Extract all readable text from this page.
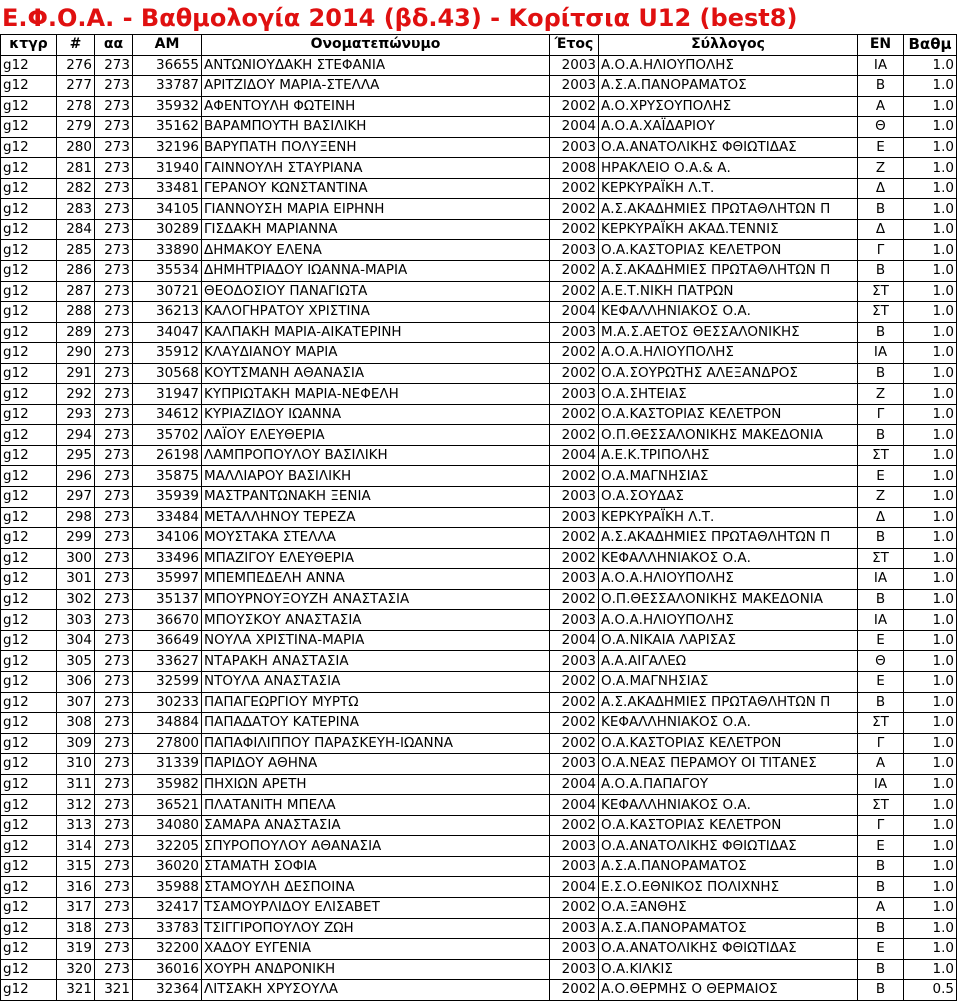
Ε.Φ.Ο.Α. - Βαθμολογία 2014 (βδ.43) - Κορίτσια U12 (best8)
κτγρ	#	αα	ΑΜ	Ονοματεπώνυμο	Έτος	Σύλλογος	ΕΝ	Βαθμ
g12	276	273	36655	ΑΝΤΩΝΙΟΥΔΑΚΗ ΣΤΕΦΑΝΙΑ	2003	Α.Ο.Α.ΗΛΙΟΥΠΟΛΗΣ	ΙΑ	1.0
g12	277	273	33787	ΑΡΙΤΖΙΔΟΥ ΜΑΡΙΑ-ΣΤΕΛΛΑ	2003	Α.Σ.Α.ΠΑΝΟΡΑΜΑΤΟΣ	Β	1.0
g12	278	273	35932	ΑΦΕΝΤΟΥΛΗ ΦΩΤΕΙΝΗ	2002	Α.Ο.ΧΡΥΣΟΥΠΟΛΗΣ	Α	1.0
g12	279	273	35162	ΒΑΡΑΜΠΟΥΤΗ ΒΑΣΙΛΙΚΗ	2004	Α.Ο.Α.ΧΑΪΔΑΡΙΟΥ	Θ	1.0
g12	280	273	32196	ΒΑΡΥΠΑΤΗ ΠΟΛΥΞΕΝΗ	2003	Ο.Α.ΑΝΑΤΟΛΙΚΗΣ ΦΘΙΩΤΙΔΑΣ	Ε	1.0
g12	281	273	31940	ΓΑΙΝΝΟΥΛΗ ΣΤΑΥΡΙΑΝΑ	2008	ΗΡΑΚΛΕΙΟ Ο.Α.& Α.	Ζ	1.0
g12	282	273	33481	ΓΕΡΑΝΟΥ ΚΩΝΣΤΑΝΤΙΝΑ	2002	ΚΕΡΚΥΡΑΪΚΗ Λ.Τ.	Δ	1.0
g12	283	273	34105	ΓΙΑΝΝΟΥΣΗ ΜΑΡΙΑ ΕΙΡΗΝΗ	2002	Α.Σ.ΑΚΑΔΗΜΙΕΣ ΠΡΩΤΑΘΛΗΤΩΝ Π	Β	1.0
g12	284	273	30289	ΓΙΣΔΑΚΗ ΜΑΡΙΑΝΝΑ	2002	ΚΕΡΚΥΡΑΪΚΗ ΑΚΑΔ.ΤΕΝΝΙΣ	Δ	1.0
g12	285	273	33890	ΔΗΜΑΚΟΥ ΕΛΕΝΑ	2003	Ο.Α.ΚΑΣΤΟΡΙΑΣ ΚΕΛΕΤΡΟΝ	Γ	1.0
g12	286	273	35534	ΔΗΜΗΤΡΙΑΔΟΥ ΙΩΑΝΝΑ-ΜΑΡΙΑ	2002	Α.Σ.ΑΚΑΔΗΜΙΕΣ ΠΡΩΤΑΘΛΗΤΩΝ Π	Β	1.0
g12	287	273	30721	ΘΕΟΔΟΣΙΟΥ ΠΑΝΑΓΙΩΤΑ	2002	Α.Ε.Τ.ΝΙΚΗ ΠΑΤΡΩΝ	ΣΤ	1.0
g12	288	273	36213	ΚΑΛΟΓΗΡΑΤΟΥ ΧΡΙΣΤΙΝΑ	2004	ΚΕΦΑΛΛΗΝΙΑΚΟΣ Ο.Α.	ΣΤ	1.0
g12	289	273	34047	ΚΑΛΠΑΚΗ ΜΑΡΙΑ-ΑΙΚΑΤΕΡΙΝΗ	2003	Μ.Α.Σ.ΑΕΤΟΣ ΘΕΣΣΑΛΟΝΙΚΗΣ	Β	1.0
g12	290	273	35912	ΚΛΑΥΔΙΑΝΟΥ ΜΑΡΙΑ	2002	Α.Ο.Α.ΗΛΙΟΥΠΟΛΗΣ	ΙΑ	1.0
g12	291	273	30568	ΚΟΥΤΣΜΑΝΗ ΑΘΑΝΑΣΙΑ	2002	Ο.Α.ΣΟΥΡΩΤΗΣ ΑΛΕΞΑΝΔΡΟΣ	Β	1.0
g12	292	273	31947	ΚΥΠΡΙΩΤΑΚΗ ΜΑΡΙΑ-ΝΕΦΕΛΗ	2003	Ο.Α.ΣΗΤΕΙΑΣ	Ζ	1.0
g12	293	273	34612	ΚΥΡΙΑΖΙΔΟΥ ΙΩΑΝΝΑ	2002	Ο.Α.ΚΑΣΤΟΡΙΑΣ ΚΕΛΕΤΡΟΝ	Γ	1.0
g12	294	273	35702	ΛΑΪΟΥ ΕΛΕΥΘΕΡΙΑ	2002	Ο.Π.ΘΕΣΣΑΛΟΝΙΚΗΣ ΜΑΚΕΔΟΝΙΑ	Β	1.0
g12	295	273	26198	ΛΑΜΠΡΟΠΟΥΛΟΥ ΒΑΣΙΛΙΚΗ	2004	Α.Ε.Κ.ΤΡΙΠΟΛΗΣ	ΣΤ	1.0
g12	296	273	35875	ΜΑΛΛΙΑΡΟΥ ΒΑΣΙΛΙΚΗ	2002	Ο.Α.ΜΑΓΝΗΣΙΑΣ	Ε	1.0
g12	297	273	35939	ΜΑΣΤΡΑΝΤΩΝΑΚΗ ΞΕΝΙΑ	2003	Ο.Α.ΣΟΥΔΑΣ	Ζ	1.0
g12	298	273	33484	ΜΕΤΑΛΛΗΝΟΥ ΤΕΡΕΖΑ	2003	ΚΕΡΚΥΡΑΪΚΗ Λ.Τ.	Δ	1.0
g12	299	273	34106	ΜΟΥΣΤΑΚΑ ΣΤΕΛΛΑ	2002	Α.Σ.ΑΚΑΔΗΜΙΕΣ ΠΡΩΤΑΘΛΗΤΩΝ Π	Β	1.0
g12	300	273	33496	ΜΠΑΖΙΓΟΥ ΕΛΕΥΘΕΡΙΑ	2002	ΚΕΦΑΛΛΗΝΙΑΚΟΣ Ο.Α.	ΣΤ	1.0
g12	301	273	35997	ΜΠΕΜΠΕΔΕΛΗ ΑΝΝΑ	2003	Α.Ο.Α.ΗΛΙΟΥΠΟΛΗΣ	ΙΑ	1.0
g12	302	273	35137	ΜΠΟΥΡΝΟΥΞΟΥΖΗ ΑΝΑΣΤΑΣΙΑ	2002	Ο.Π.ΘΕΣΣΑΛΟΝΙΚΗΣ ΜΑΚΕΔΟΝΙΑ	Β	1.0
g12	303	273	36670	ΜΠΟΥΣΚΟΥ ΑΝΑΣΤΑΣΙΑ	2003	Α.Ο.Α.ΗΛΙΟΥΠΟΛΗΣ	ΙΑ	1.0
g12	304	273	36649	ΝΟΥΛΑ ΧΡΙΣΤΙΝΑ-ΜΑΡΙΑ	2004	Ο.Α.ΝΙΚΑΙΑ ΛΑΡΙΣΑΣ	Ε	1.0
g12	305	273	33627	ΝΤΑΡΑΚΗ ΑΝΑΣΤΑΣΙΑ	2003	Α.Α.ΑΙΓΑΛΕΩ	Θ	1.0
g12	306	273	32599	ΝΤΟΥΛΑ ΑΝΑΣΤΑΣΙΑ	2002	Ο.Α.ΜΑΓΝΗΣΙΑΣ	Ε	1.0
g12	307	273	30233	ΠΑΠΑΓΕΩΡΓΙΟΥ ΜΥΡΤΩ	2002	Α.Σ.ΑΚΑΔΗΜΙΕΣ ΠΡΩΤΑΘΛΗΤΩΝ Π	Β	1.0
g12	308	273	34884	ΠΑΠΑΔΑΤΟΥ ΚΑΤΕΡΙΝΑ	2002	ΚΕΦΑΛΛΗΝΙΑΚΟΣ Ο.Α.	ΣΤ	1.0
g12	309	273	27800	ΠΑΠΑΦΙΛΙΠΠΟΥ ΠΑΡΑΣΚΕΥΗ-ΙΩΑΝΝΑ	2002	Ο.Α.ΚΑΣΤΟΡΙΑΣ ΚΕΛΕΤΡΟΝ	Γ	1.0
g12	310	273	31339	ΠΑΡΙΔΟΥ ΑΘΗΝΑ	2003	Ο.Α.ΝΕΑΣ ΠΕΡΑΜΟΥ ΟΙ ΤΙΤΑΝΕΣ	Α	1.0
g12	311	273	35982	ΠΗΧΙΩΝ ΑΡΕΤΗ	2004	Α.Ο.Α.ΠΑΠΑΓΟΥ	ΙΑ	1.0
g12	312	273	36521	ΠΛΑΤΑΝΙΤΗ ΜΠΕΛΑ	2004	ΚΕΦΑΛΛΗΝΙΑΚΟΣ Ο.Α.	ΣΤ	1.0
g12	313	273	34080	ΣΑΜΑΡΑ ΑΝΑΣΤΑΣΙΑ	2002	Ο.Α.ΚΑΣΤΟΡΙΑΣ ΚΕΛΕΤΡΟΝ	Γ	1.0
g12	314	273	32205	ΣΠΥΡΟΠΟΥΛΟΥ ΑΘΑΝΑΣΙΑ	2003	Ο.Α.ΑΝΑΤΟΛΙΚΗΣ ΦΘΙΩΤΙΔΑΣ	Ε	1.0
g12	315	273	36020	ΣΤΑΜΑΤΗ ΣΟΦΙΑ	2003	Α.Σ.Α.ΠΑΝΟΡΑΜΑΤΟΣ	Β	1.0
g12	316	273	35988	ΣΤΑΜΟΥΛΗ ΔΕΣΠΟΙΝΑ	2004	Ε.Σ.Ο.ΕΘΝΙΚΟΣ ΠΟΛΙΧΝΗΣ	Β	1.0
g12	317	273	32417	ΤΣΑΜΟΥΡΛΙΔΟΥ ΕΛΙΣΑΒΕΤ	2002	Ο.Α.ΞΑΝΘΗΣ	Α	1.0
g12	318	273	33783	ΤΣΙΓΓΙΡΟΠΟΥΛΟΥ ΖΩΗ	2003	Α.Σ.Α.ΠΑΝΟΡΑΜΑΤΟΣ	Β	1.0
g12	319	273	32200	ΧΑΔΟΥ ΕΥΓΕΝΙΑ	2003	Ο.Α.ΑΝΑΤΟΛΙΚΗΣ ΦΘΙΩΤΙΔΑΣ	Ε	1.0
g12	320	273	36016	ΧΟΥΡΗ ΑΝΔΡΟΝΙΚΗ	2003	Ο.Α.ΚΙΛΚΙΣ	Β	1.0
g12	321	321	32364	ΛΙΤΣΑΚΗ ΧΡΥΣΟΥΛΑ	2002	Α.Ο.ΘΕΡΜΗΣ Ο ΘΕΡΜΑΙΟΣ	Β	0.5
